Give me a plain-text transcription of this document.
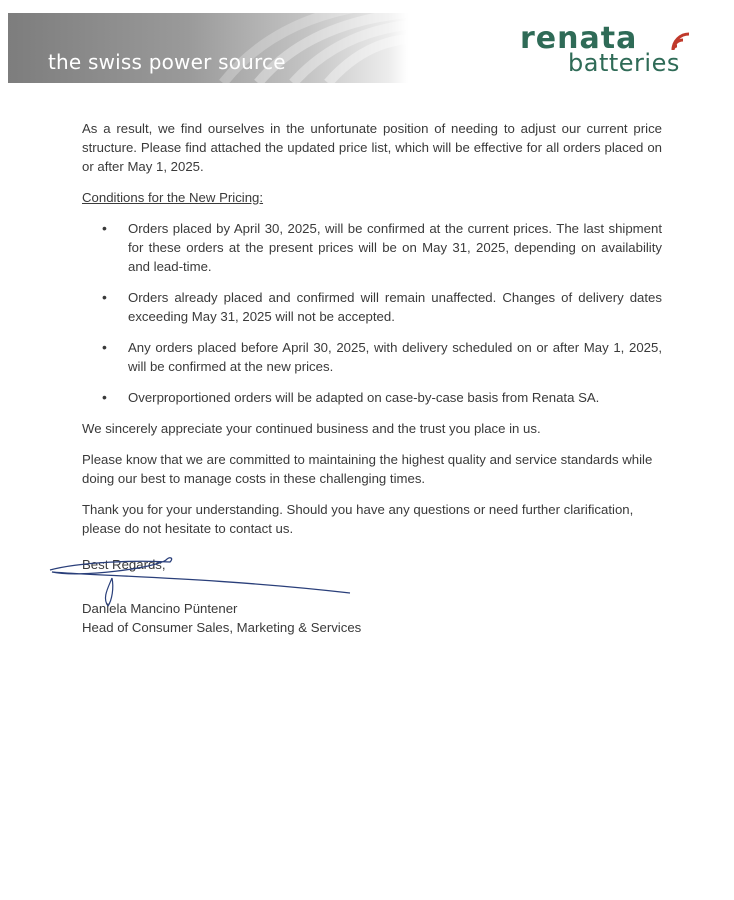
the swiss power source
renata
batteries

As a result, we find ourselves in the unfortunate position of needing to adjust our current price structure. Please find attached the updated price list, which will be effective for all orders placed on or after May 1, 2025.

Conditions for the New Pricing:

• Orders placed by April 30, 2025, will be confirmed at the current prices. The last shipment for these orders at the present prices will be on May 31, 2025, depending on availability and lead-time.
• Orders already placed and confirmed will remain unaffected. Changes of delivery dates exceeding May 31, 2025 will not be accepted.
• Any orders placed before April 30, 2025, with delivery scheduled on or after May 1, 2025, will be confirmed at the new prices.
• Overproportioned orders will be adapted on case-by-case basis from Renata SA.

We sincerely appreciate your continued business and the trust you place in us.

Please know that we are committed to maintaining the highest quality and service standards while doing our best to manage costs in these challenging times.

Thank you for your understanding. Should you have any questions or need further clarification, please do not hesitate to contact us.

Best Regards,
Daniela Mancino Püntener
Head of Consumer Sales, Marketing & Services
